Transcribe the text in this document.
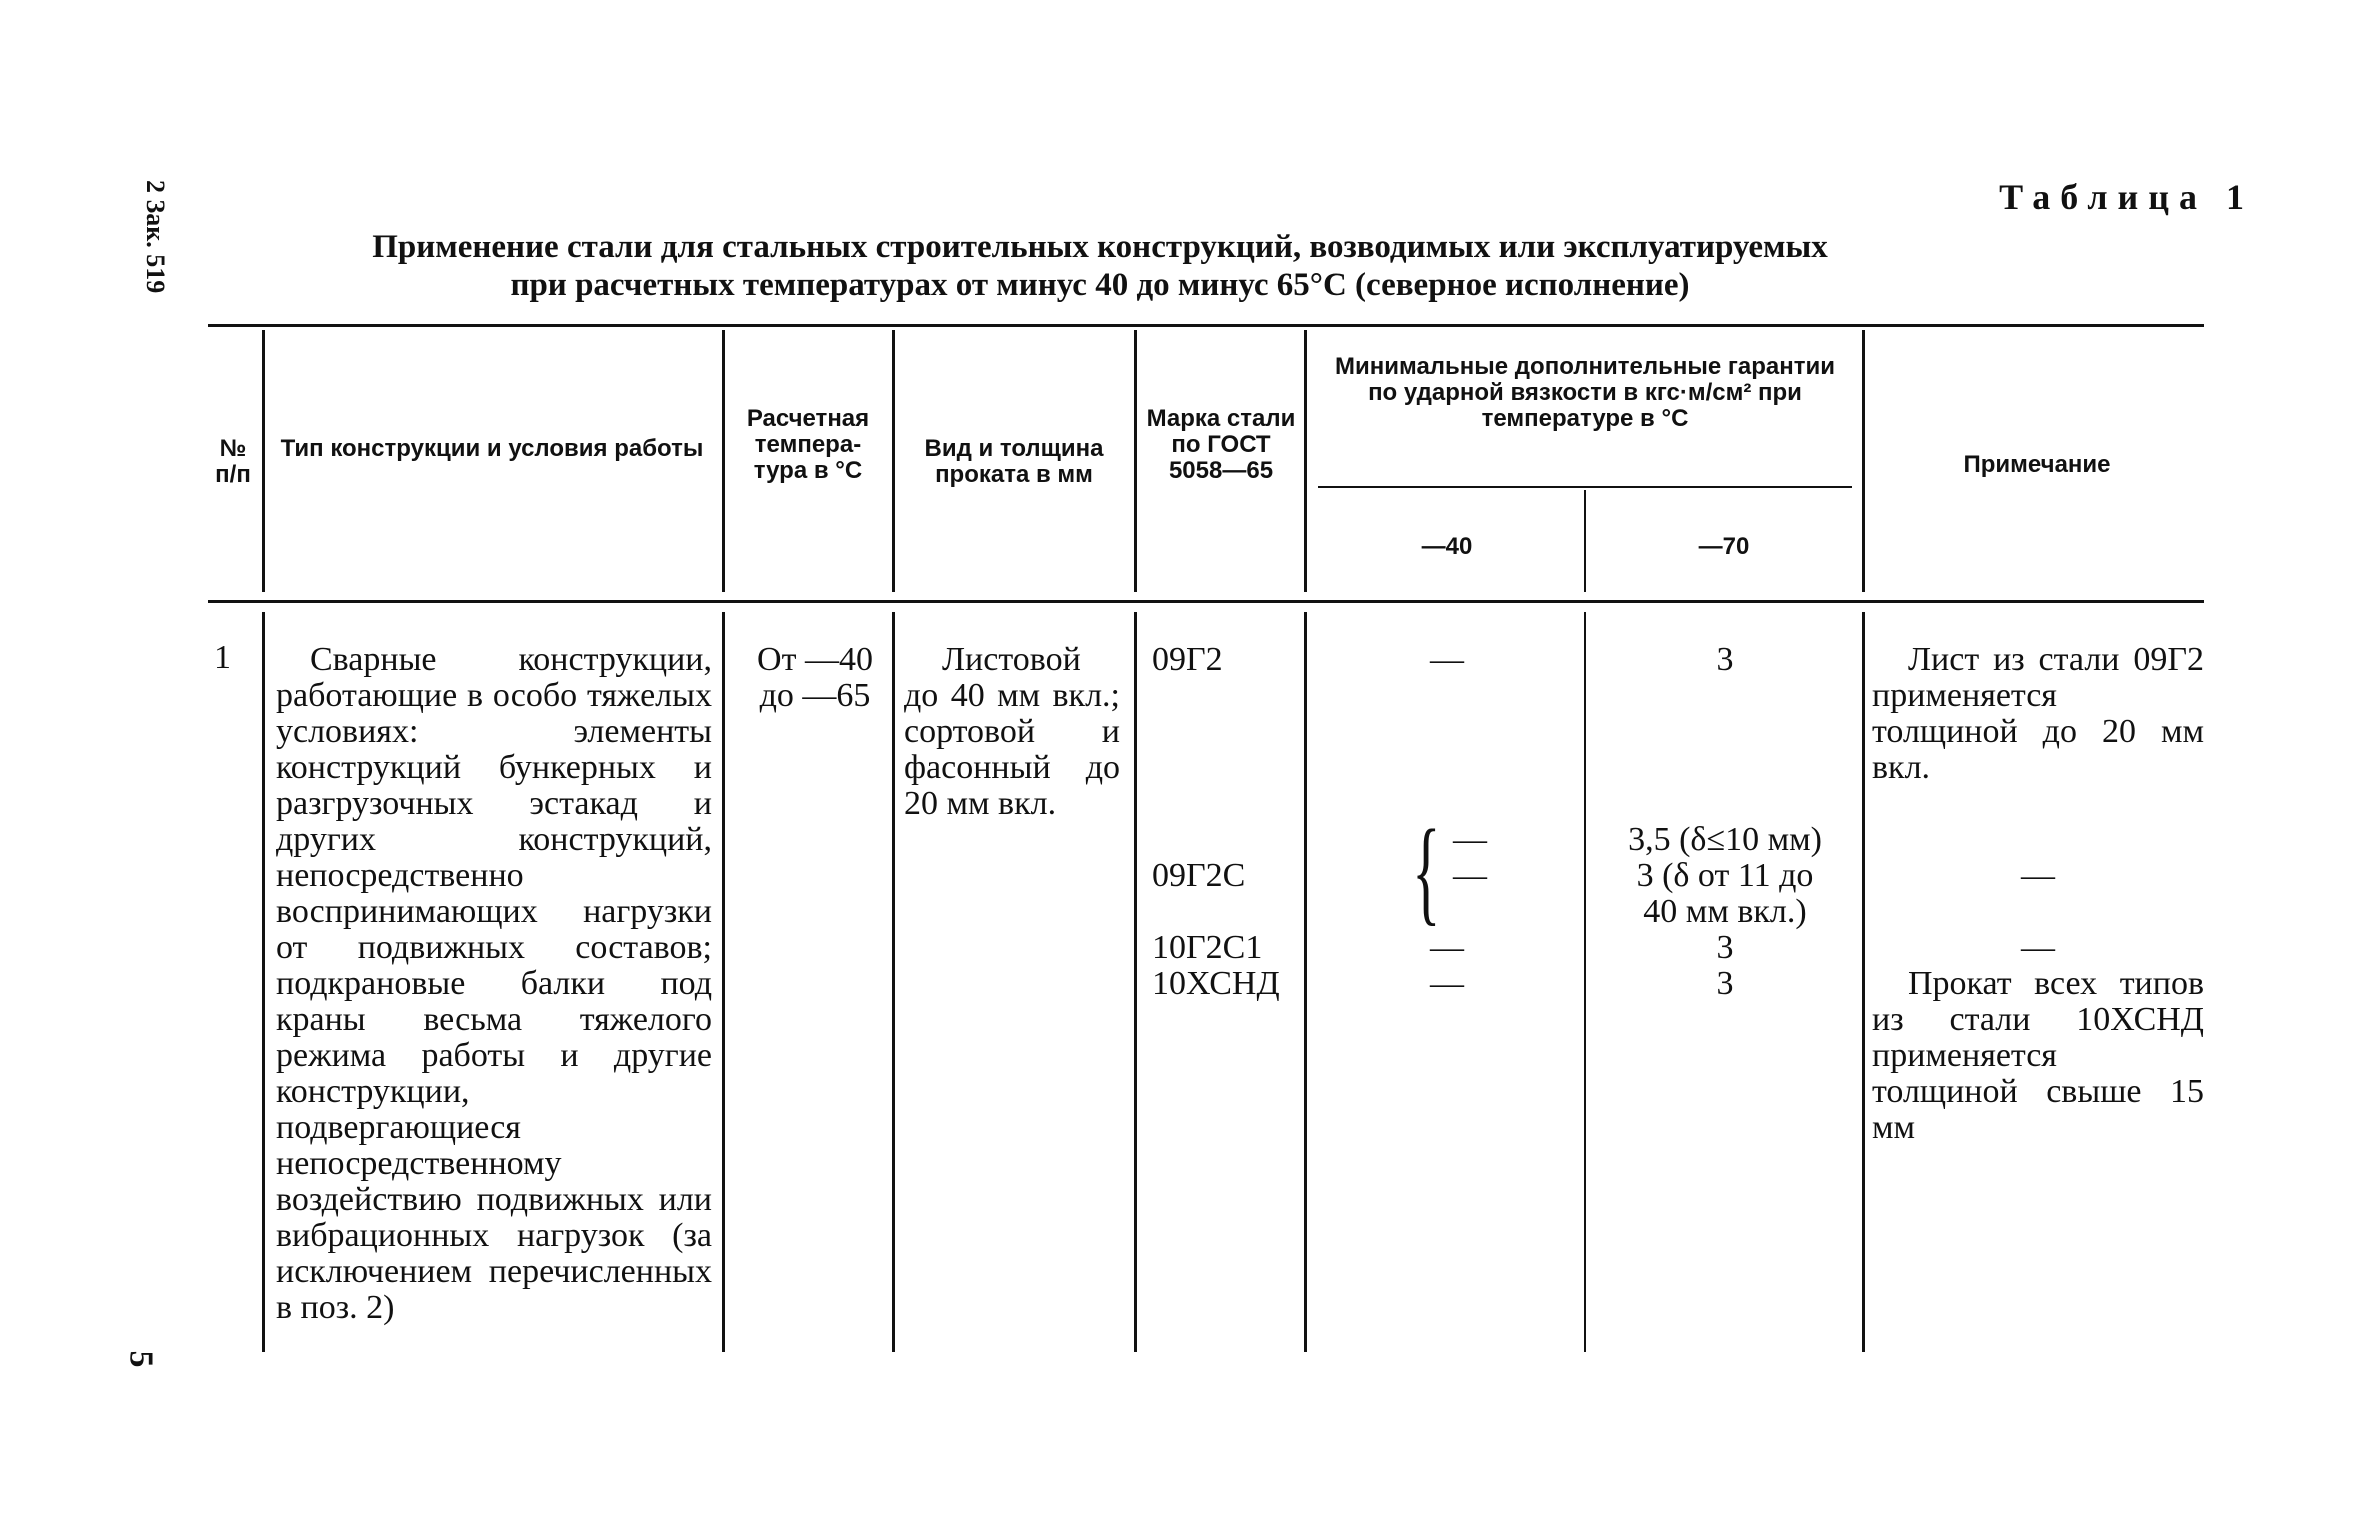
2 Зак. 519
5
Таблица 1
Применение стали для стальных строительных конструкций, возводимых или эксплуатируемых
при расчетных температурах от минус 40 до минус 65°С (северное исполнение)
№ п/п
Тип конструкции и условия работы
Расчетная темпера-тура в °С
Вид и толщина проката в мм
Марка стали по ГОСТ 5058—65
Минимальные дополнительные гарантии по ударной вязкости в кгс·м/см² при температуре в °С
—40	—70
Примечание
1	Сварные конструкции, работающие в особо тяжелых условиях: элементы конструкций бункерных и разгрузочных эстакад и других конструкций, непосредственно воспринимающих нагрузки от подвижных составов; подкрановые балки под краны весьма тяжелого режима работы и другие конструкции, подвергающиеся непосредственному воздействию подвижных или вибрационных нагрузок (за исключением перечисленных в поз. 2)
От —40
до —65
Листовой до 40 мм вкл.; сортовой и фасонный до 20 мм вкл.
09Г2
09Г2С
10Г2С1
10ХСНД
—
{ —
—
—
—
3
3,5 (δ≤10 мм)
3 (δ от 11 до
40 мм вкл.)
3
3
Лист из стали 09Г2 применяется толщиной до 20 мм вкл.
—
—
Прокат всех типов из стали 10ХСНД применяется толщиной свыше 15 мм
